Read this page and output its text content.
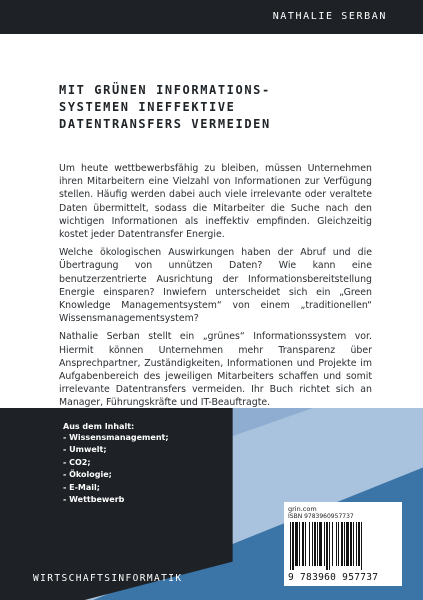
NATHALIE SERBAN
MIT GRÜNEN INFORMATIONS-
SYSTEMEN INEFFEKTIVE
DATENTRANSFERS VERMEIDEN

Um heute wettbewerbsfähig zu bleiben, müssen Unternehmen ihren Mitarbeitern eine Vielzahl von Informationen zur Verfügung stellen. Häufig werden dabei auch viele irrelevante oder veraltete Daten übermittelt, sodass die Mitarbeiter die Suche nach den wichtigen Informationen als ineffektiv empfinden. Gleichzeitig kostet jeder Datentransfer Energie.

Welche ökologischen Auswirkungen haben der Abruf und die Übertragung von unnützen Daten? Wie kann eine benutzerzentrierte Ausrichtung der Informationsbereitstellung Energie einsparen? Inwiefern unterscheidet sich ein „Green Knowledge Managementsystem“ von einem „traditionellen“ Wissensmanagementsystem?

Nathalie Serban stellt ein „grünes“ Informationssystem vor. Hiermit können Unternehmen mehr Transparenz über Ansprechpartner, Zuständigkeiten, Informationen und Projekte im Aufgabenbereich des jeweiligen Mitarbeiters schaffen und somit irrelevante Datentransfers vermeiden. Ihr Buch richtet sich an Manager, Führungskräfte und IT-Beauftragte.

Aus dem Inhalt:

- Wissensmanagement;
- Umwelt;
- CO2;
- Ökologie;
- E-Mail;
- Wettbewerb
WIRTSCHAFTSINFORMATIK
grin.com
ISBN 9783960957737
9 783960 957737
